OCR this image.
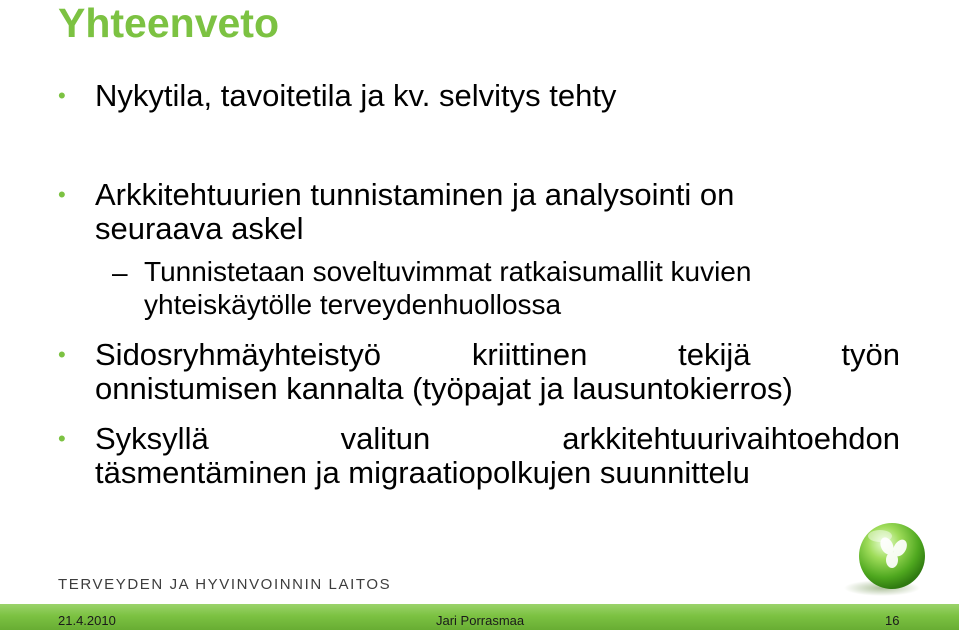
Yhteenveto
• Nykytila, tavoitetila ja kv. selvitys tehty
• Arkkitehtuurien tunnistaminen ja analysointi on
seuraava askel
– Tunnistetaan soveltuvimmat ratkaisumallit kuvien
yhteiskäytölle terveydenhuollossa
• Sidosryhmäyhteistyö kriittinen tekijä työn
onnistumisen kannalta (työpajat ja lausuntokierros)
• Syksyllä valitun arkkitehtuurivaihtoehdon
täsmentäminen ja migraatiopolkujen suunnittelu
TERVEYDEN JA HYVINVOINNIN LAITOS
21.4.2010	Jari Porrasmaa	16
